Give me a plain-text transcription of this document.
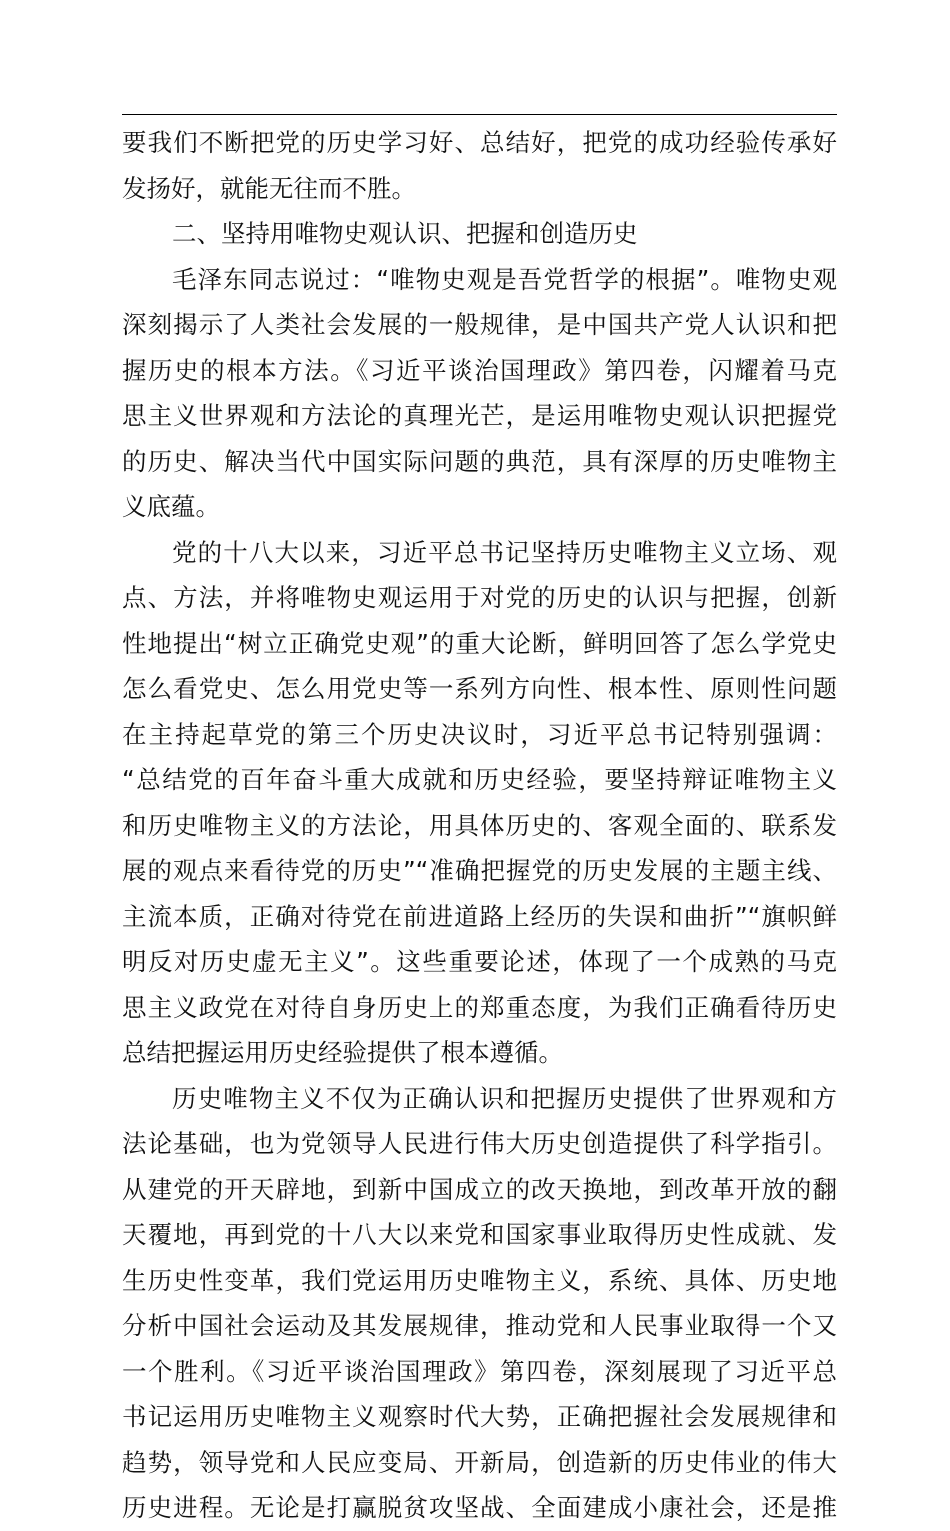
要我们不断把党的历史学习好、总结好，把党的成功经验传承好
发扬好，就能无往而不胜。
二、坚持用唯物史观认识、把握和创造历史
毛泽东同志说过：“唯物史观是吾党哲学的根据”。唯物史观
深刻揭示了人类社会发展的一般规律，是中国共产党人认识和把
握历史的根本方法。《习近平谈治国理政》第四卷，闪耀着马克
思主义世界观和方法论的真理光芒，是运用唯物史观认识把握党
的历史、解决当代中国实际问题的典范，具有深厚的历史唯物主
义底蕴。
党的十八大以来，习近平总书记坚持历史唯物主义立场、观
点、方法，并将唯物史观运用于对党的历史的认识与把握，创新
性地提出“树立正确党史观”的重大论断，鲜明回答了怎么学党史
怎么看党史、怎么用党史等一系列方向性、根本性、原则性问题
在主持起草党的第三个历史决议时，习近平总书记特别强调：
“总结党的百年奋斗重大成就和历史经验，要坚持辩证唯物主义
和历史唯物主义的方法论，用具体历史的、客观全面的、联系发
展的观点来看待党的历史”“准确把握党的历史发展的主题主线、
主流本质，正确对待党在前进道路上经历的失误和曲折”“旗帜鲜
明反对历史虚无主义”。这些重要论述，体现了一个成熟的马克
思主义政党在对待自身历史上的郑重态度，为我们正确看待历史
总结把握运用历史经验提供了根本遵循。
历史唯物主义不仅为正确认识和把握历史提供了世界观和方
法论基础，也为党领导人民进行伟大历史创造提供了科学指引。
从建党的开天辟地，到新中国成立的改天换地，到改革开放的翻
天覆地，再到党的十八大以来党和国家事业取得历史性成就、发
生历史性变革，我们党运用历史唯物主义，系统、具体、历史地
分析中国社会运动及其发展规律，推动党和人民事业取得一个又
一个胜利。《习近平谈治国理政》第四卷，深刻展现了习近平总
书记运用历史唯物主义观察时代大势，正确把握社会发展规律和
趋势，领导党和人民应变局、开新局，创造新的历史伟业的伟大
历史进程。无论是打赢脱贫攻坚战、全面建成小康社会，还是推
